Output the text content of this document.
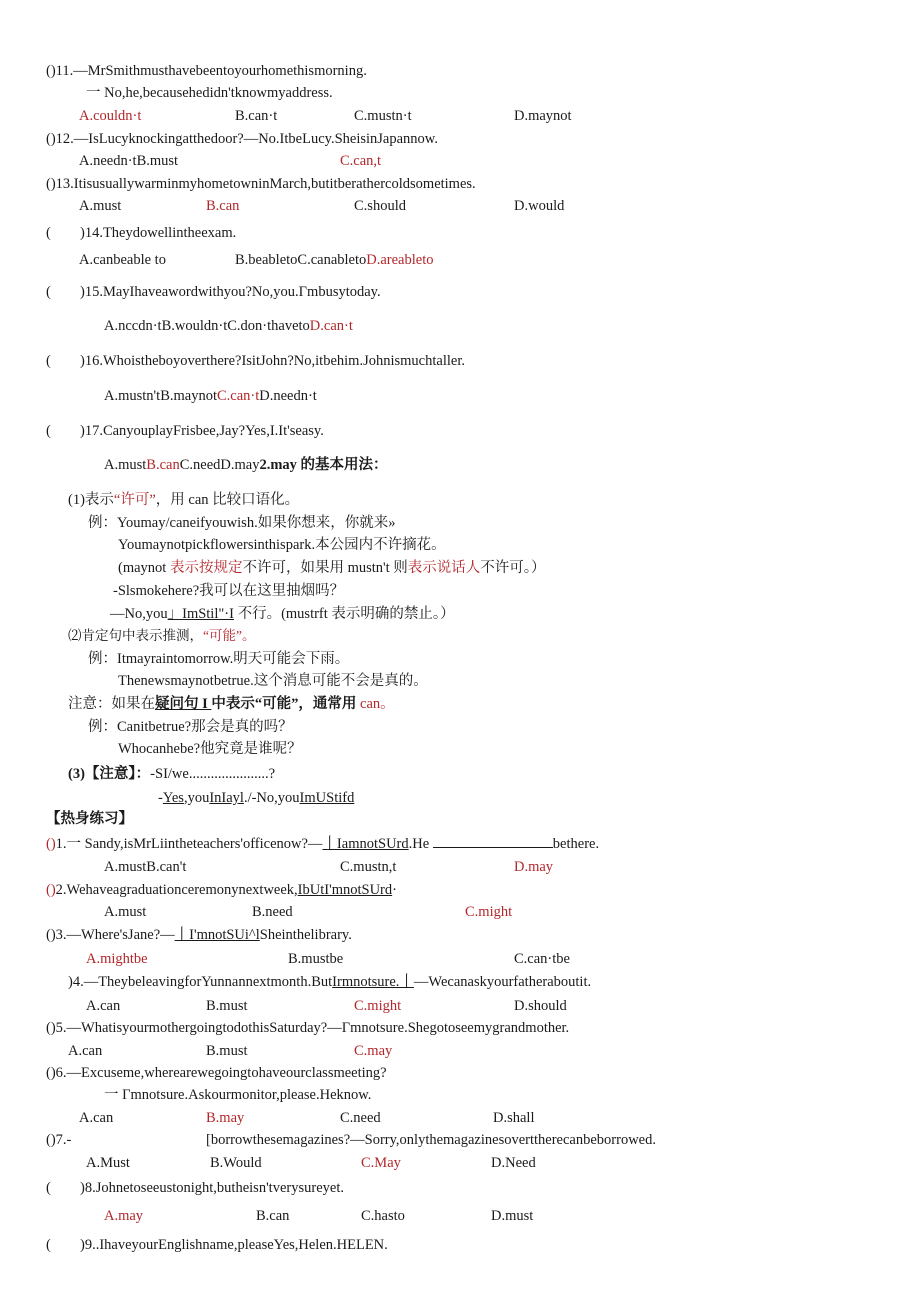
()11.—MrSmithmusthavebeentoyourhomethismorning.
一 No,he,becausehedidn'tknowmyaddress.
A.couldn·t	B.can·t	C.mustn·t	D.maynot
()12.—IsLucyknockingatthedoor?—No.ItbeLucy.SheisinJapannow.
A.needn·tB.must	C.can,t
()13.ItisusuallywarminmyhometowninMarch,butitberathercoldsometimes.
A.must	B.can	C.should	D.would
( )14.Theydowellintheexam.
A.canbeable to	B.beabletoC.canabletoD.areableto
( )15.MayIhaveawordwithyou?No,you.Γmbusytoday.
A.nccdn·tB.wouldn·tC.don·thavetoD.can·t
( )16.Whoistheboyoverthere?IsitJohn?No,itbehim.Johnismuchtaller.
A.mustn'tB.maynotC.can·tD.needn·t
( )17.CanyouplayFrisbee,Jay?Yes,I.It'seasy.
A.mustB.canC.needD.may2.may 的基本用法：
(1)表示“许可”，用 can 比较口语化。
例：Youmay/caneifyouwish.如果你想来，你就来»
Youmaynotpickflowersinthispark.本公园内不许摘花。
(maynot 表示按规定不许可，如果用 mustn't 则表示说话人不许可。）
-Slsmokehere?我可以在这里抽烟吗？
—No,you」ImStil"·I 不行。(mustrft 表示明确的禁止。）
⑵肯定句中表示推测，“可能”。
例：Itmayraintomorrow.明天可能会下雨。
Thenewsmaynotbetrue.这个消息可能不会是真的。
注意：如果在疑问句 I 中表示“可能”，通常用 can。
例：Canitbetrue?那会是真的吗？
Whocanhebe?他究竟是谁呢？
(3)【注意】：-SI/we......................?
-Yes,youInIayl./-No,youImUStifd
【热身练习】
()1.一 Sandy,isMrLiintheteachers'officenow?—丨IamnotSUrd.He	bethere.
A.mustB.can't	C.mustn,t	D.may
()2.Wehaveagraduationceremonynextweek,IbUtI'mnotSUrd·
A.must	B.need	C.might
()3.—Where'sJane?—丨I'mnotSUi^lSheinthelibrary.
A.mightbe	B.mustbe	C.can·tbe
)4.—TheybeleavingforYunnannextmonth.ButIrmnotsure.丨—Wecanaskyourfatheraboutit.
A.can	B.must	C.might	D.should
()5.—WhatisyourmothergoingtodothisSaturday?—Γmnotsure.Shegotoseemygrandmother.
A.can	B.must	C.may
()6.—Excuseme,wherearewegoingtohaveourclassmeeting?
一 Γmnotsure.Askourmonitor,please.Heknow.
A.can	B.may	C.need	D.shall
()7.-	[borrowthesemagazines?—Sorry,onlythemagazinesoverttherecanbeborrowed.
A.Must	B.Would	C.May	D.Need
( )8.Johnetoseeustonight,butheisn'tverysureyet.
A.may	B.can	C.hasto	D.must
( )9..IhaveyourEnglishname,pleaseYes,Helen.HELEN.
